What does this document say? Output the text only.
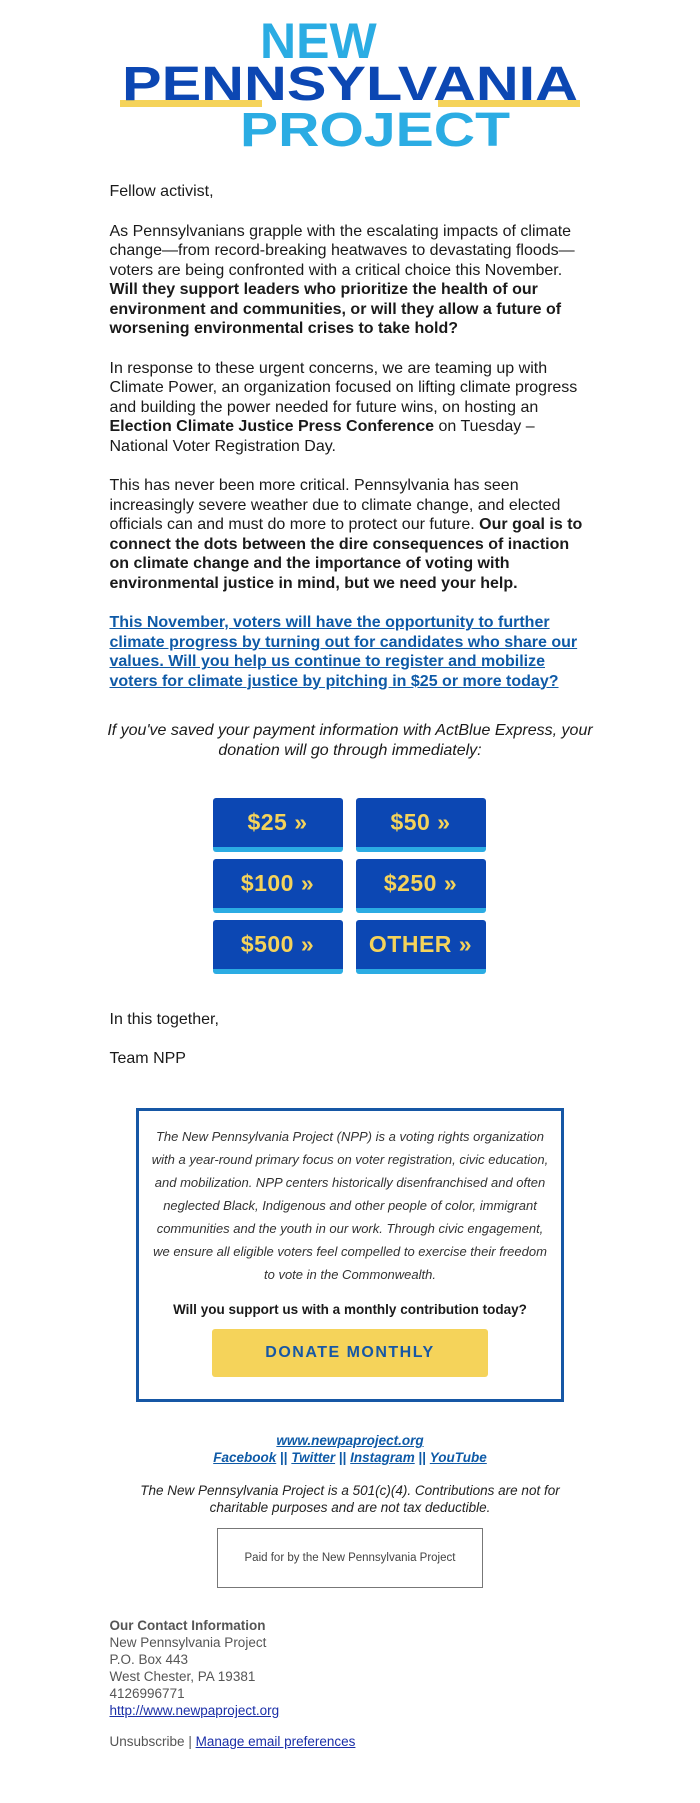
NEW
PENNSYLVANIA
PROJECT

Fellow activist,

As Pennsylvanians grapple with the escalating impacts of climate change—from record-breaking heatwaves to devastating floods—voters are being confronted with a critical choice this November. Will they support leaders who prioritize the health of our environment and communities, or will they allow a future of worsening environmental crises to take hold?

In response to these urgent concerns, we are teaming up with Climate Power, an organization focused on lifting climate progress and building the power needed for future wins, on hosting an Election Climate Justice Press Conference on Tuesday – National Voter Registration Day.

This has never been more critical. Pennsylvania has seen increasingly severe weather due to climate change, and elected officials can and must do more to protect our future. Our goal is to connect the dots between the dire consequences of inaction on climate change and the importance of voting with environmental justice in mind, but we need your help.

This November, voters will have the opportunity to further climate progress by turning out for candidates who share our values. Will you help us continue to register and mobilize voters for climate justice by pitching in $25 or more today?

If you've saved your payment information with ActBlue Express, your donation will go through immediately:

$25 »	$50 »
$100 »	$250 »
$500 »	OTHER »

In this together,

Team NPP

The New Pennsylvania Project (NPP) is a voting rights organization with a year-round primary focus on voter registration, civic education, and mobilization. NPP centers historically disenfranchised and often neglected Black, Indigenous and other people of color, immigrant communities and the youth in our work. Through civic engagement, we ensure all eligible voters feel compelled to exercise their freedom to vote in the Commonwealth.

Will you support us with a monthly contribution today?

DONATE MONTHLY
www.newpaproject.org
Facebook || Twitter || Instagram || YouTube

The New Pennsylvania Project is a 501(c)(4). Contributions are not for charitable purposes and are not tax deductible.

Paid for by the New Pennsylvania Project
Our Contact Information
New Pennsylvania Project
P.O. Box 443
West Chester, PA 19381
4126996771
http://www.newpaproject.org
Unsubscribe | Manage email preferences
